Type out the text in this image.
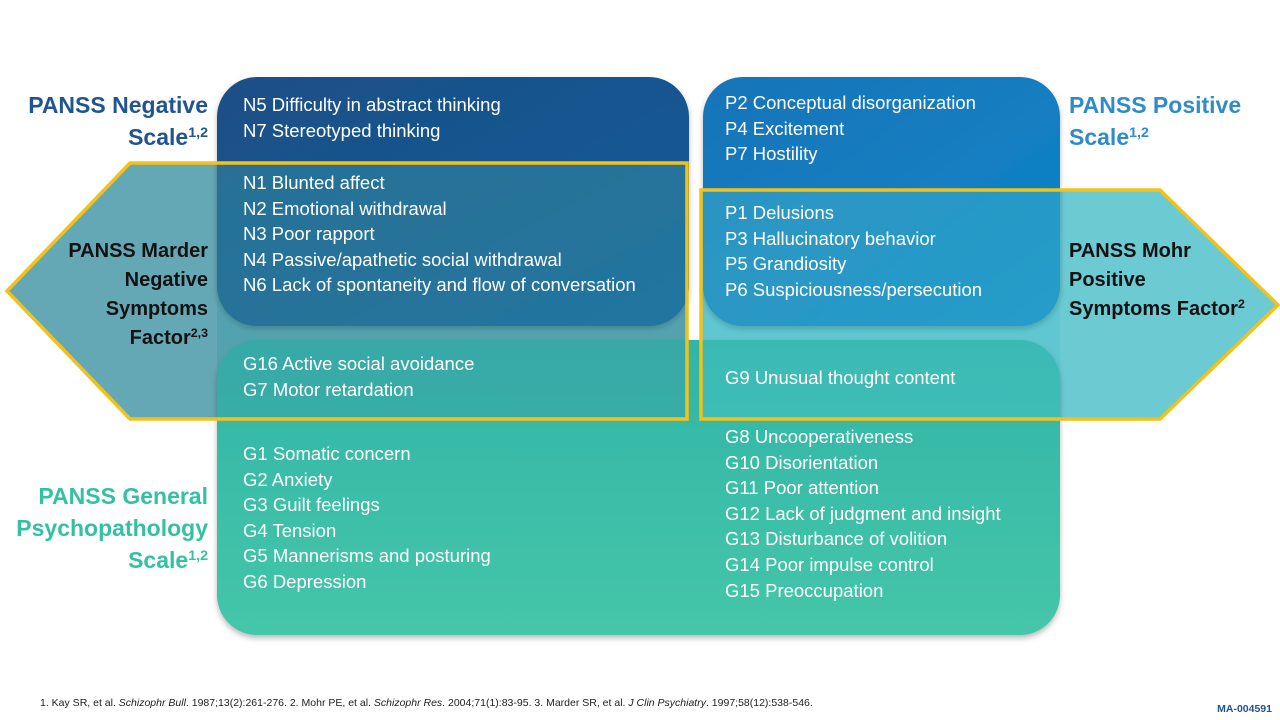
PANSS Negative Scale$^{1,2}$
PANSS Positive Scale$^{1,2}$
PANSS General Psychopathology Scale$^{1,2}$
PANSS Marder Negative Symptoms Factor$^{2,3}$
PANSS Mohr Positive Symptoms Factor$^2$
N5 Difficulty in abstract thinking
N7 Stereotyped thinking
N1 Blunted affect
N2 Emotional withdrawal
N3 Poor rapport
N4 Passive/apathetic social withdrawal
N6 Lack of spontaneity and flow of conversation
G16 Active social avoidance
G7 Motor retardation
G1 Somatic concern
G2 Anxiety
G3 Guilt feelings
G4 Tension
G5 Mannerisms and posturing
G6 Depression
P2 Conceptual disorganization
P4 Excitement
P7 Hostility
P1 Delusions
P3 Hallucinatory behavior
P5 Grandiosity
P6 Suspiciousness/persecution
G9 Unusual thought content
G8 Uncooperativeness
G10 Disorientation
G11 Poor attention
G12 Lack of judgment and insight
G13 Disturbance of volition
G14 Poor impulse control
G15 Preoccupation
1. Kay SR, et al. Schizophr Bull. 1987;13(2):261-276. 2. Mohr PE, et al. Schizophr Res. 2004;71(1):83-95. 3. Marder SR, et al. J Clin Psychiatry. 1997;58(12):538-546.	MA-004591
